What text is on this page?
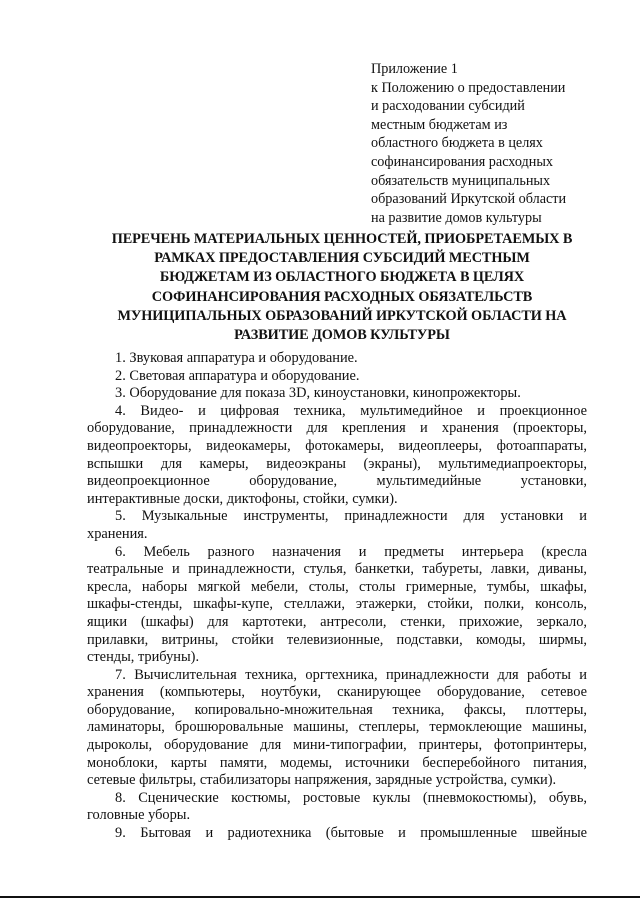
Приложение 1
к Положению о предоставлении
и расходовании субсидий
местным бюджетам из
областного бюджета в целях
софинансирования расходных
обязательств муниципальных
образований Иркутской области
на развитие домов культуры
ПЕРЕЧЕНЬ МАТЕРИАЛЬНЫХ ЦЕННОСТЕЙ, ПРИОБРЕТАЕМЫХ В
РАМКАХ ПРЕДОСТАВЛЕНИЯ СУБСИДИЙ МЕСТНЫМ
БЮДЖЕТАМ ИЗ ОБЛАСТНОГО БЮДЖЕТА В ЦЕЛЯХ
СОФИНАНСИРОВАНИЯ РАСХОДНЫХ ОБЯЗАТЕЛЬСТВ
МУНИЦИПАЛЬНЫХ ОБРАЗОВАНИЙ ИРКУТСКОЙ ОБЛАСТИ НА
РАЗВИТИЕ ДОМОВ КУЛЬТУРЫ
1. Звуковая аппаратура и оборудование.
2. Световая аппаратура и оборудование.
3. Оборудование для показа 3D, киноустановки, кинопрожекторы.
4. Видео- и цифровая техника, мультимедийное и проекционное
оборудование, принадлежности для крепления и хранения (проекторы,
видеопроекторы, видеокамеры, фотокамеры, видеоплееры, фотоаппараты,
вспышки для камеры, видеоэкраны (экраны), мультимедиапроекторы,
видеопроекционное оборудование, мультимедийные установки,
интерактивные доски, диктофоны, стойки, сумки).
5. Музыкальные инструменты, принадлежности для установки и
хранения.
6. Мебель разного назначения и предметы интерьера (кресла
театральные и принадлежности, стулья, банкетки, табуреты, лавки, диваны,
кресла, наборы мягкой мебели, столы, столы гримерные, тумбы, шкафы,
шкафы-стенды, шкафы-купе, стеллажи, этажерки, стойки, полки, консоль,
ящики (шкафы) для картотеки, антресоли, стенки, прихожие, зеркало,
прилавки, витрины, стойки телевизионные, подставки, комоды, ширмы,
стенды, трибуны).
7. Вычислительная техника, оргтехника, принадлежности для работы и
хранения (компьютеры, ноутбуки, сканирующее оборудование, сетевое
оборудование, копировально-множительная техника, факсы, плоттеры,
ламинаторы, брошюровальные машины, степлеры, термоклеющие машины,
дыроколы, оборудование для мини-типографии, принтеры, фотопринтеры,
моноблоки, карты памяти, модемы, источники бесперебойного питания,
сетевые фильтры, стабилизаторы напряжения, зарядные устройства, сумки).
8. Сценические костюмы, ростовые куклы (пневмокостюмы), обувь,
головные уборы.
9. Бытовая и радиотехника (бытовые и промышленные швейные
